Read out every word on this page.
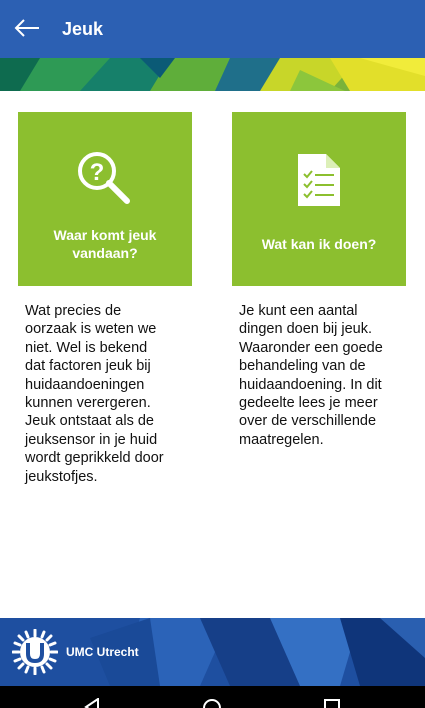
Jeuk
?
Waar komt jeuk vandaan?
Wat kan ik doen?
Wat precies de
oorzaak is weten we
niet. Wel is bekend
dat factoren jeuk bij
huidaandoeningen
kunnen verergeren.
Jeuk ontstaat als de
jeuksensor in je huid
wordt geprikkeld door
jeukstofjes.
Je kunt een aantal
dingen doen bij jeuk.
Waaronder een goede
behandeling van de
huidaandoening. In dit
gedeelte lees je meer
over de verschillende
maatregelen.
UMC Utrecht
